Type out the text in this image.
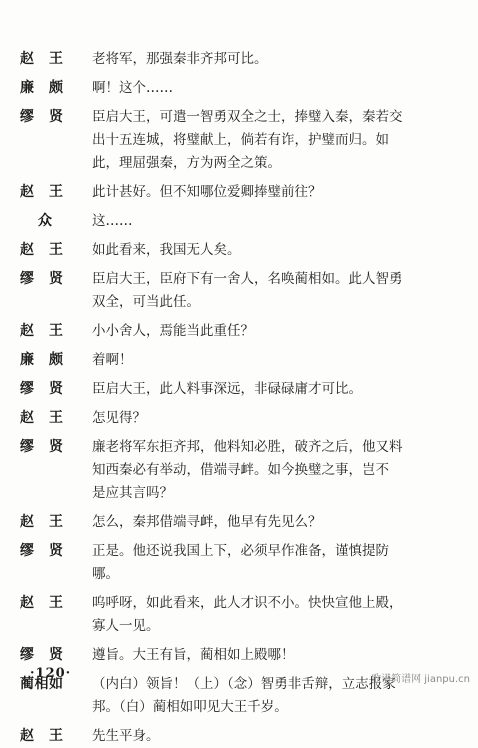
赵　王	老将军，那强秦非齐邦可比。
廉　颇	啊！这个……
缪　贤	臣启大王，可遣一智勇双全之士，捧璧入秦，秦若交
出十五连城，将璧献上，倘若有诈，护璧而归。如
此，理屈强秦，方为两全之策。
赵　王	此计甚好。但不知哪位爱卿捧璧前往？
众	这……
赵　王	如此看来，我国无人矣。
缪　贤	臣启大王，臣府下有一舍人，名唤蔺相如。此人智勇
双全，可当此任。
赵　王	小小舍人，焉能当此重任？
廉　颇	着啊！
缪　贤	臣启大王，此人料事深远，非碌碌庸才可比。
赵　王	怎见得？
缪　贤	廉老将军东拒齐邦，他料知必胜，破齐之后，他又料
知西秦必有举动，借端寻衅。如今换璧之事，岂不
是应其言吗？
赵　王	怎么，秦邦借端寻衅，他早有先见么？
缪　贤	正是。他还说我国上下，必须早作准备，谨慎提防
哪。
赵　王	呜呼呀，如此看来，此人才识不小。快快宣他上殿，
寡人一见。
缪　贤	遵旨。大王有旨，蔺相如上殿哪！
蔺相如	（内白）领旨！（上）（念）智勇非舌辩，立志报家
邦。（白）蔺相如叩见大王千岁。
赵　王	先生平身。
·120·	歌谱简谱网 jianpu.cn
